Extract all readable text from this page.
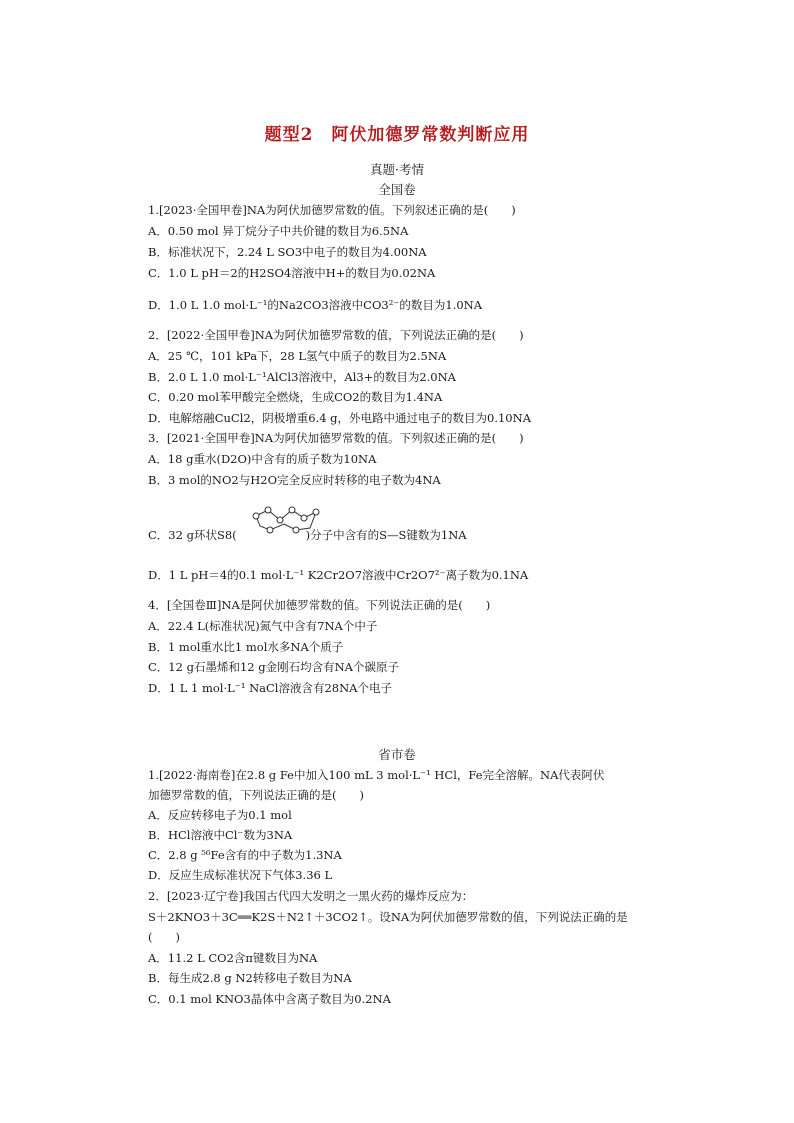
题型2　阿伏加德罗常数判断应用
真题·考情
全国卷
1.[2023·全国甲卷]NA为阿伏加德罗常数的值。下列叙述正确的是(　　)
A．0.50 mol 异丁烷分子中共价键的数目为6.5NA
B．标准状况下，2.24 L SO3中电子的数目为4.00NA
C．1.0 L pH＝2的H2SO4溶液中H+的数目为0.02NA
D．1.0 L 1.0 mol·L⁻¹的Na2CO3溶液中CO3²⁻的数目为1.0NA
2．[2022·全国甲卷]NA为阿伏加德罗常数的值，下列说法正确的是(　　)
A．25 ℃，101 kPa下，28 L氢气中质子的数目为2.5NA
B．2.0 L 1.0 mol·L⁻¹AlCl3溶液中，Al3+的数目为2.0NA
C．0.20 mol苯甲酸完全燃烧，生成CO2的数目为1.4NA
D．电解熔融CuCl2，阴极增重6.4 g，外电路中通过电子的数目为0.10NA
3．[2021·全国甲卷]NA为阿伏加德罗常数的值。下列叙述正确的是(　　)
A．18 g重水(D2O)中含有的质子数为10NA
B．3 mol的NO2与H2O完全反应时转移的电子数为4NA
C．32 g环状S8(　　　　　　)分子中含有的S—S键数为1NA
D．1 L pH＝4的0.1 mol·L⁻¹ K2Cr2O7溶液中Cr2O7²⁻离子数为0.1NA
4．[全国卷Ⅲ]NA是阿伏加德罗常数的值。下列说法正确的是(　　)
A．22.4 L(标准状况)氮气中含有7NA个中子
B．1 mol重水比1 mol水多NA个质子
C．12 g石墨烯和12 g金刚石均含有NA个碳原子
D．1 L 1 mol·L⁻¹ NaCl溶液含有28NA个电子
省市卷
1.[2022·海南卷]在2.8 g Fe中加入100 mL 3 mol·L⁻¹ HCl，Fe完全溶解。NA代表阿伏
加德罗常数的值，下列说法正确的是(　　)
A．反应转移电子为0.1 mol
B．HCl溶液中Cl⁻数为3NA
C．2.8 g ⁵⁶Fe含有的中子数为1.3NA
D．反应生成标准状况下气体3.36 L
2．[2023·辽宁卷]我国古代四大发明之一黑火药的爆炸反应为：
S＋2KNO3＋3C══K2S＋N2↑＋3CO2↑。设NA为阿伏加德罗常数的值，下列说法正确的是
(　　)
A．11.2 L CO2含π键数目为NA
B．每生成2.8 g N2转移电子数目为NA
C．0.1 mol KNO3晶体中含离子数目为0.2NA
